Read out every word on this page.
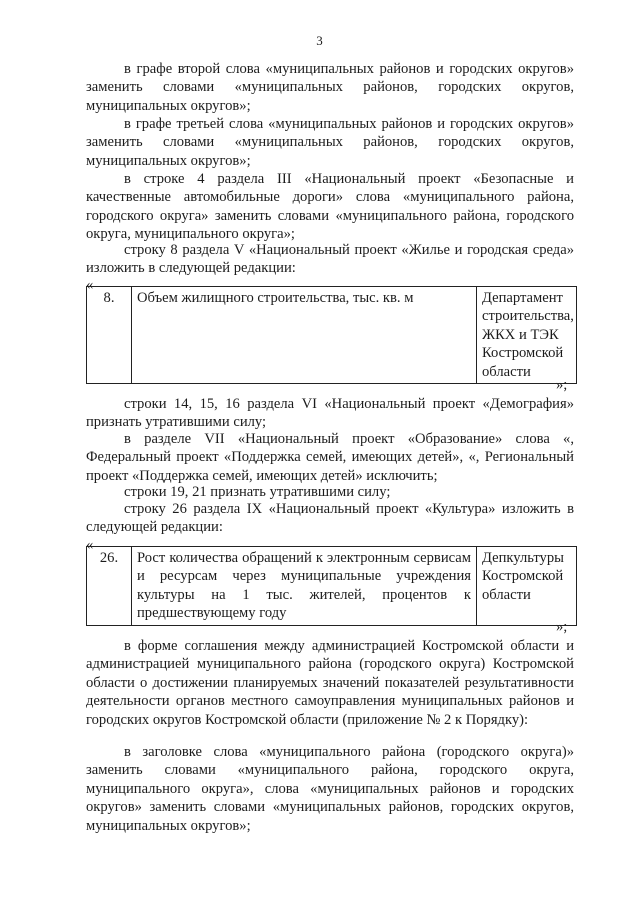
3

в графе второй слова «муниципальных районов и городских округов» заменить словами «муниципальных районов, городских округов, муниципальных округов»;

в графе третьей слова «муниципальных районов и городских округов» заменить словами «муниципальных районов, городских округов, муниципальных округов»;

в строке 4 раздела III «Национальный проект «Безопасные и качественные автомобильные дороги» слова «муниципального района, городского округа» заменить словами «муниципального района, городского округа, муниципального округа»;

строку 8 раздела V «Национальный проект «Жилье и городская среда» изложить в следующей редакции:

«
8.	Объем жилищного строительства, тыс. кв. м	Департамент строительства, ЖКХ и ТЭК Костромской области
»;

строки 14, 15, 16 раздела VI «Национальный проект «Демография» признать утратившими силу;

в разделе VII «Национальный проект «Образование» слова «, Федеральный проект «Поддержка семей, имеющих детей», «, Региональный проект «Поддержка семей, имеющих детей» исключить;

строки 19, 21 признать утратившими силу;

строку 26 раздела IX «Национальный проект «Культура» изложить в следующей редакции:

«
26.	Рост количества обращений к электронным сервисам и ресурсам через муниципальные учреждения культуры на 1 тыс. жителей, процентов к предшествующему году	Депкультуры Костромской области
»;

в форме соглашения между администрацией Костромской области и администрацией муниципального района (городского округа) Костромской области о достижении планируемых значений показателей результативности деятельности органов местного самоуправления муниципальных районов и городских округов Костромской области (приложение № 2 к Порядку):

в заголовке слова «муниципального района (городского округа)» заменить словами «муниципального района, городского округа, муниципального округа», слова «муниципальных районов и городских округов» заменить словами «муниципальных районов, городских округов, муниципальных округов»;
